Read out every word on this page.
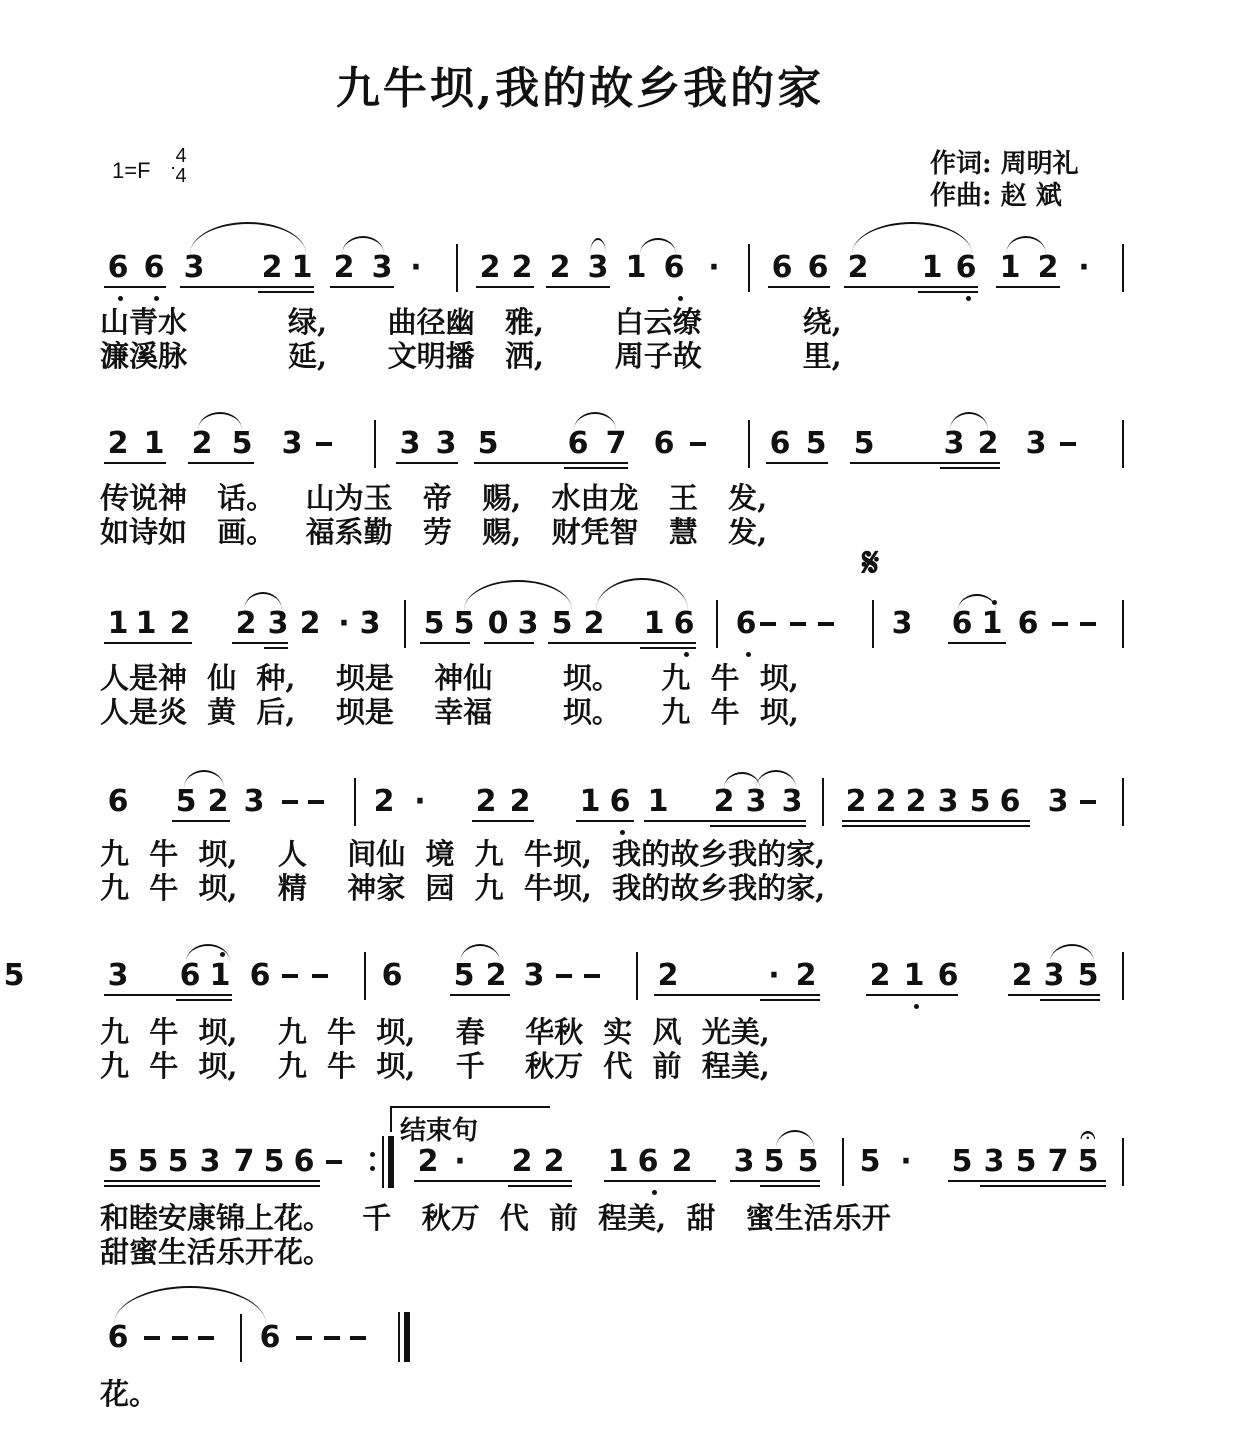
九牛坝,我的故乡我的家
1=F
4
4	作词: 周明礼
作曲: 赵 斌
6 6 3 2 1 2 3 · 2 2 2 3 1 6 · 6 6 2 1 6 1 2 ·
2 1 2 5 3	3 3 5 6 7 6	6 5 5 3 2 3
1 1 2 2 3 2 · 3 5 5 0 3 5 2 1 6 6	3 6 1 6
6 5 2 3	2 · 2 2 1 6 1 2 3 3 2 2 2 3 5 6 3
3 6 1 6	6 5 2 3	2	· 2 2 1 6 2 3 5
5
5 5 5 3 7 5 6	2 · 2 2 1 6 2 3 5 5 5 · 5 3 5 7 5
6	6
山青水          绿,      曲径幽   雅,       白云缭          绕,
濂溪脉          延,      文明播   洒,       周子故          里,
传说神   话。   山为玉   帝   赐,   水由龙   王   发,
如诗如   画。   福系勤   劳   赐,   财凭智   慧   发,
人是神  仙  种,    坝是    神仙       坝。    九  牛  坝,
人是炎  黄  后,    坝是    幸福       坝。    九  牛  坝,
九  牛  坝,    人    间仙  境  九  牛坝,  我的故乡我的家,
九  牛  坝,    精    神家  园  九  牛坝,  我的故乡我的家,
九  牛  坝,    九  牛  坝,    春    华秋  实  风  光美,
九  牛  坝,    九  牛  坝,    千    秋万  代  前  程美,
和睦安康锦上花。   千   秋万  代  前  程美,  甜   蜜生活乐开
甜蜜生活乐开花。
花。
𝄋
结束句	𝄐
